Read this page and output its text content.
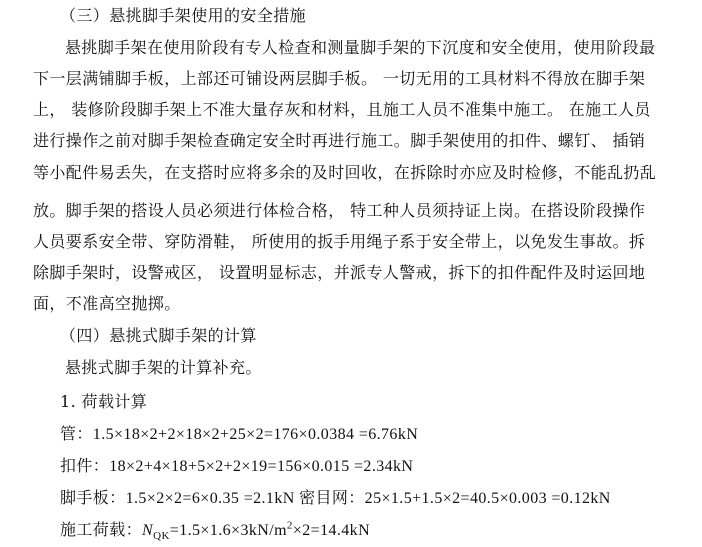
（三）悬挑脚手架使用的安全措施
悬挑脚手架在使用阶段有专人检查和测量脚手架的下沉度和安全使用，使用阶段最
下一层满铺脚手板，上部还可铺设两层脚手板。 一切无用的工具材料不得放在脚手架
上， 装修阶段脚手架上不准大量存灰和材料，且施工人员不准集中施工。 在施工人员
进行操作之前对脚手架检查确定安全时再进行施工。脚手架使用的扣件、螺钉、 插销
等小配件易丢失，在支搭时应将多余的及时回收，在拆除时亦应及时检修，不能乱扔乱
放。脚手架的搭设人员必须进行体检合格， 特工种人员须持证上岗。在搭设阶段操作
人员要系安全带、穿防滑鞋， 所使用的扳手用绳子系于安全带上，以免发生事故。拆
除脚手架时，设警戒区， 设置明显标志，并派专人警戒，拆下的扣件配件及时运回地
面，不准高空抛掷。
（四）悬挑式脚手架的计算
悬挑式脚手架的计算补充。
1. 荷载计算
管：1.5×18×2+2×18×2+25×2=176×0.0384 =6.76kN
扣件：18×2+4×18+5×2+2×19=156×0.015 =2.34kN
脚手板：1.5×2×2=6×0.35 =2.1kN 密目网：25×1.5+1.5×2=40.5×0.003 =0.12kN
施工荷载：$N_{QK}=1.5\times 1.6\times 3kN/m^2\times 2=14.4kN$
